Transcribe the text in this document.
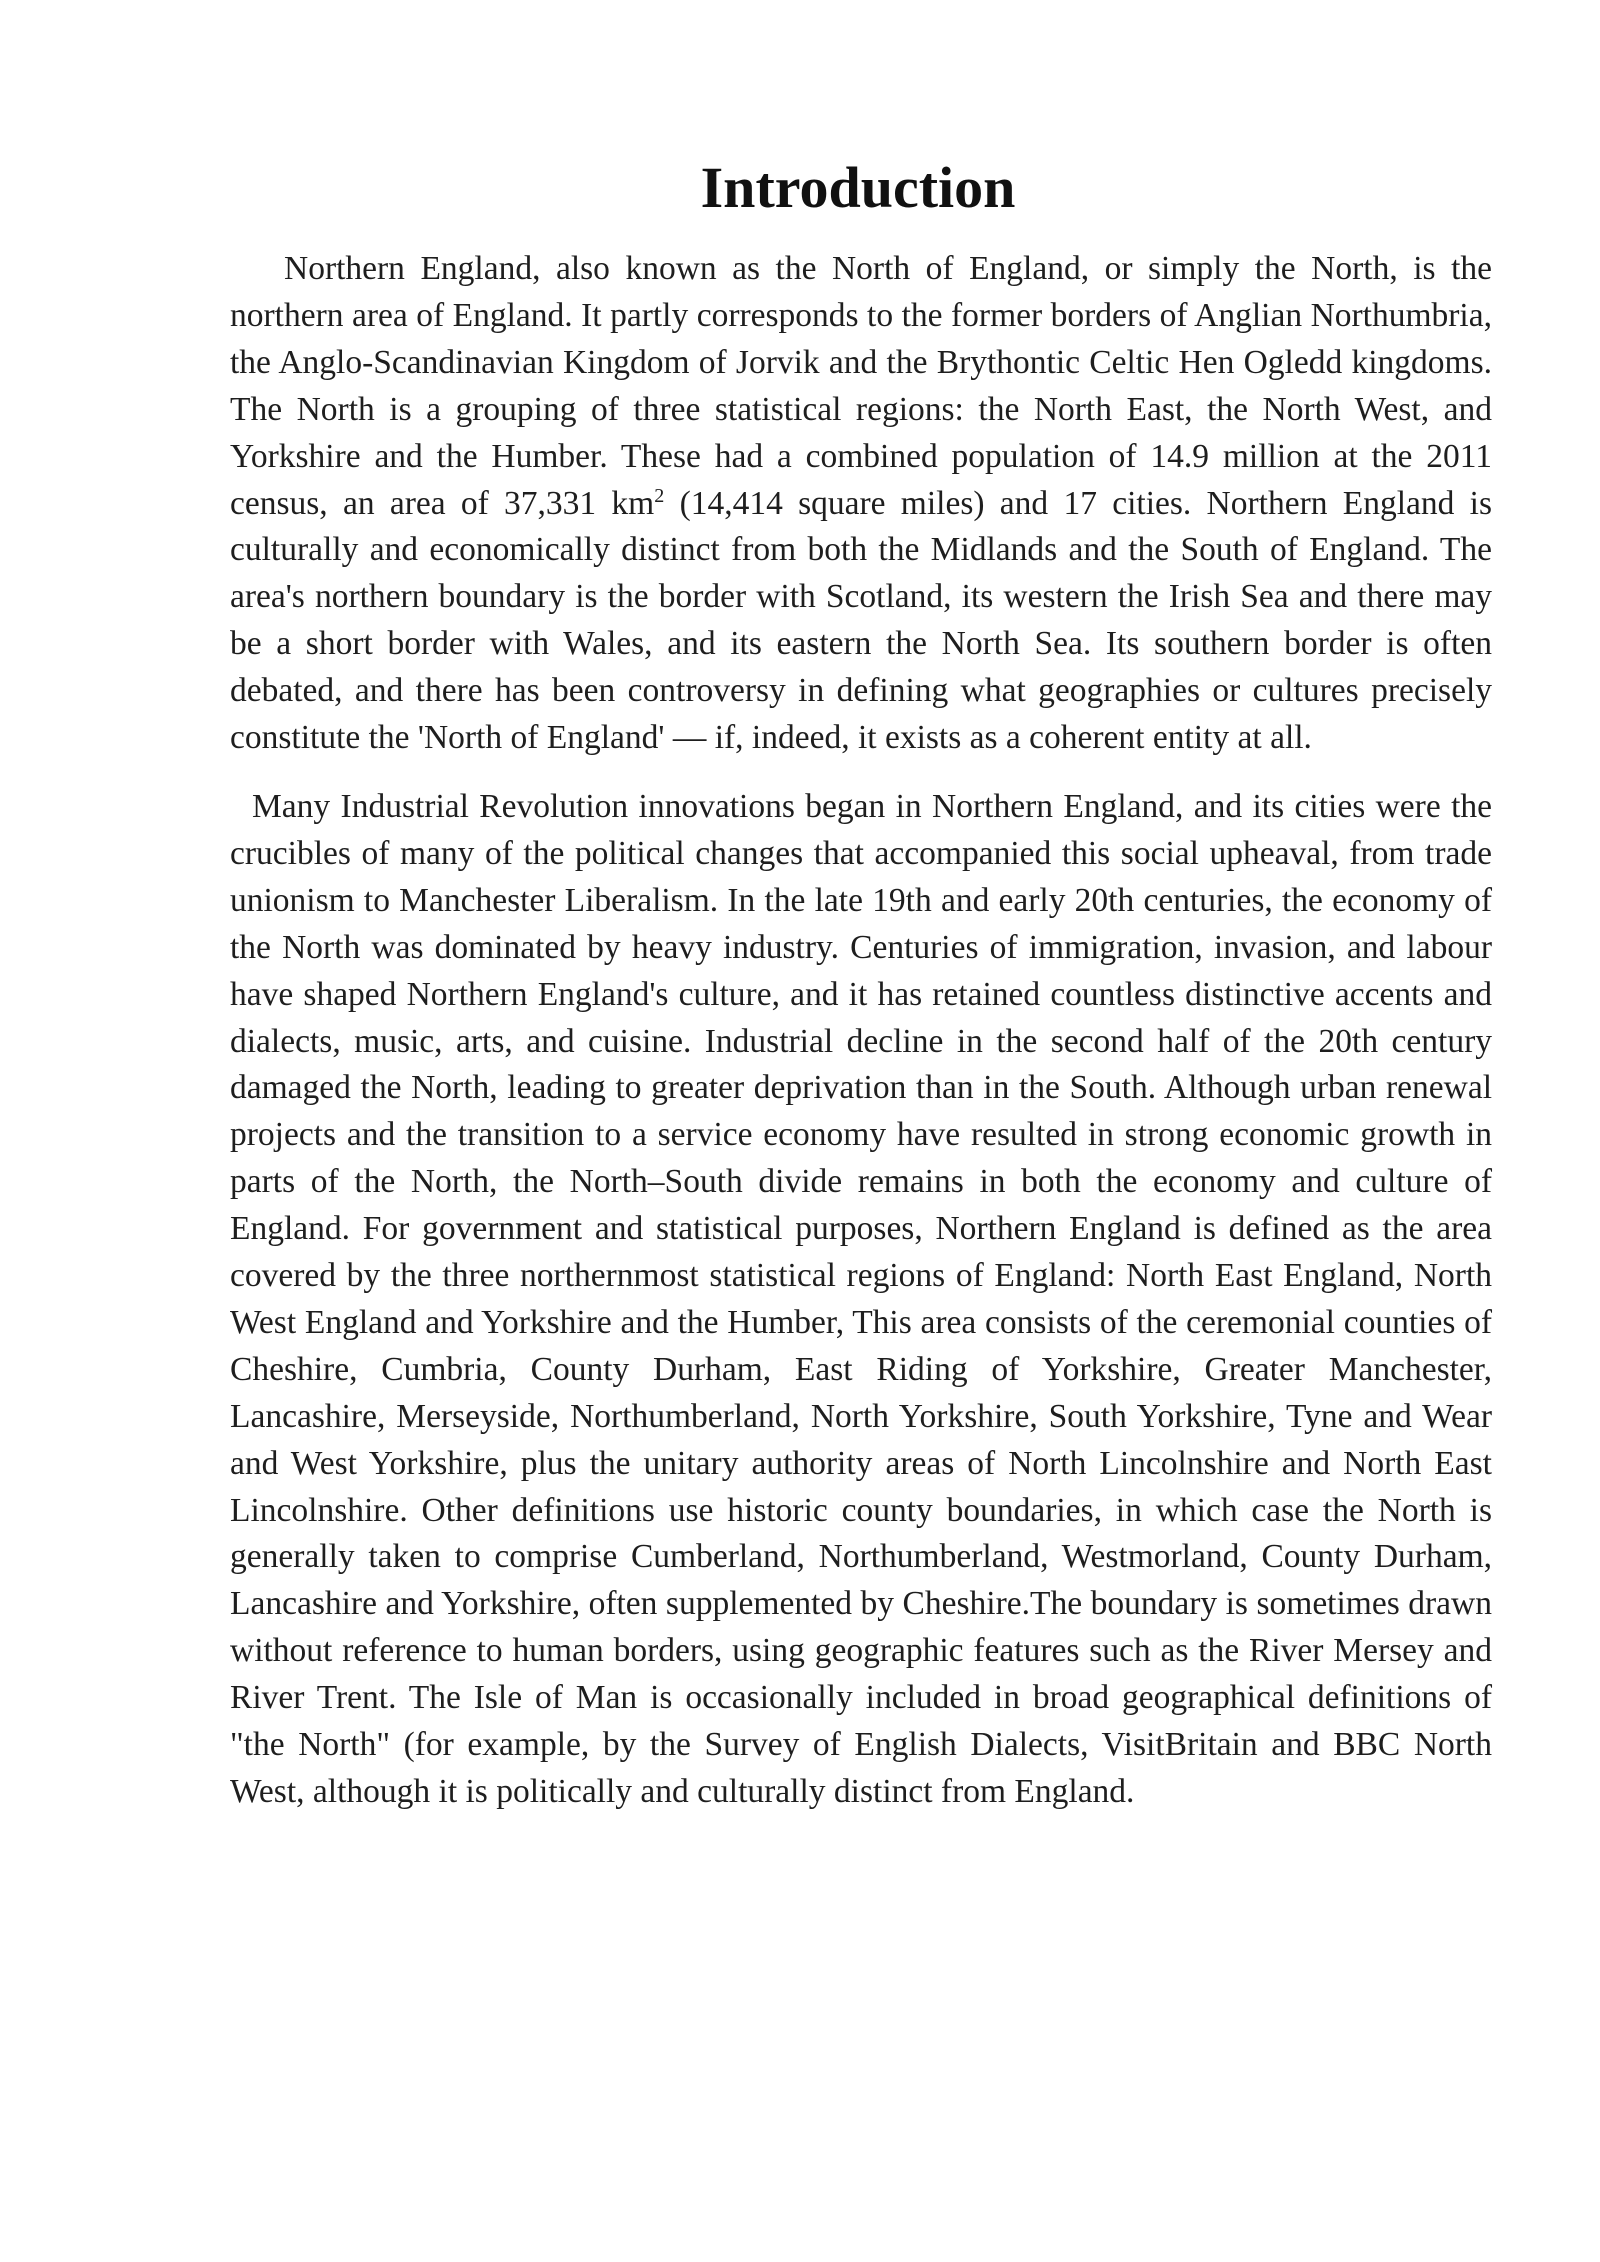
Introduction

Northern England, also known as the North of England, or simply the North, is the northern area of England. It partly corresponds to the former borders of Anglian Northumbria, the Anglo-Scandinavian Kingdom of Jorvik and the Brythontic Celtic Hen Ogledd kingdoms. The North is a grouping of three statistical regions: the North East, the North West, and Yorkshire and the Humber. These had a combined population of 14.9 million at the 2011 census, an area of 37,331 $km^2$ (14,414 square miles) and 17 cities. Northern England is culturally and economically distinct from both the Midlands and the South of England. The area's northern boundary is the border with Scotland, its western the Irish Sea and there may be a short border with Wales, and its eastern the North Sea. Its southern border is often debated, and there has been controversy in defining what geographies or cultures precisely constitute the 'North of England' — if, indeed, it exists as a coherent entity at all.

Many Industrial Revolution innovations began in Northern England, and its cities were the crucibles of many of the political changes that accompanied this social upheaval, from trade unionism to Manchester Liberalism. In the late 19th and early 20th centuries, the economy of the North was dominated by heavy industry. Centuries of immigration, invasion, and labour have shaped Northern England's culture, and it has retained countless distinctive accents and dialects, music, arts, and cuisine. Industrial decline in the second half of the 20th century damaged the North, leading to greater deprivation than in the South. Although urban renewal projects and the transition to a service economy have resulted in strong economic growth in parts of the North, the North–South divide remains in both the economy and culture of England. For government and statistical purposes, Northern England is defined as the area covered by the three northernmost statistical regions of England: North East England, North West England and Yorkshire and the Humber, This area consists of the ceremonial counties of Cheshire, Cumbria, County Durham, East Riding of Yorkshire, Greater Manchester, Lancashire, Merseyside, Northumberland, North Yorkshire, South Yorkshire, Tyne and Wear and West Yorkshire, plus the unitary authority areas of North Lincolnshire and North East Lincolnshire. Other definitions use historic county boundaries, in which case the North is generally taken to comprise Cumberland, Northumberland, Westmorland, County Durham, Lancashire and Yorkshire, often supplemented by Cheshire.The boundary is sometimes drawn without reference to human borders, using geographic features such as the River Mersey and River Trent. The Isle of Man is occasionally included in broad geographical definitions of "the North" (for example, by the Survey of English Dialects, VisitBritain and BBC North West, although it is politically and culturally distinct from England.
